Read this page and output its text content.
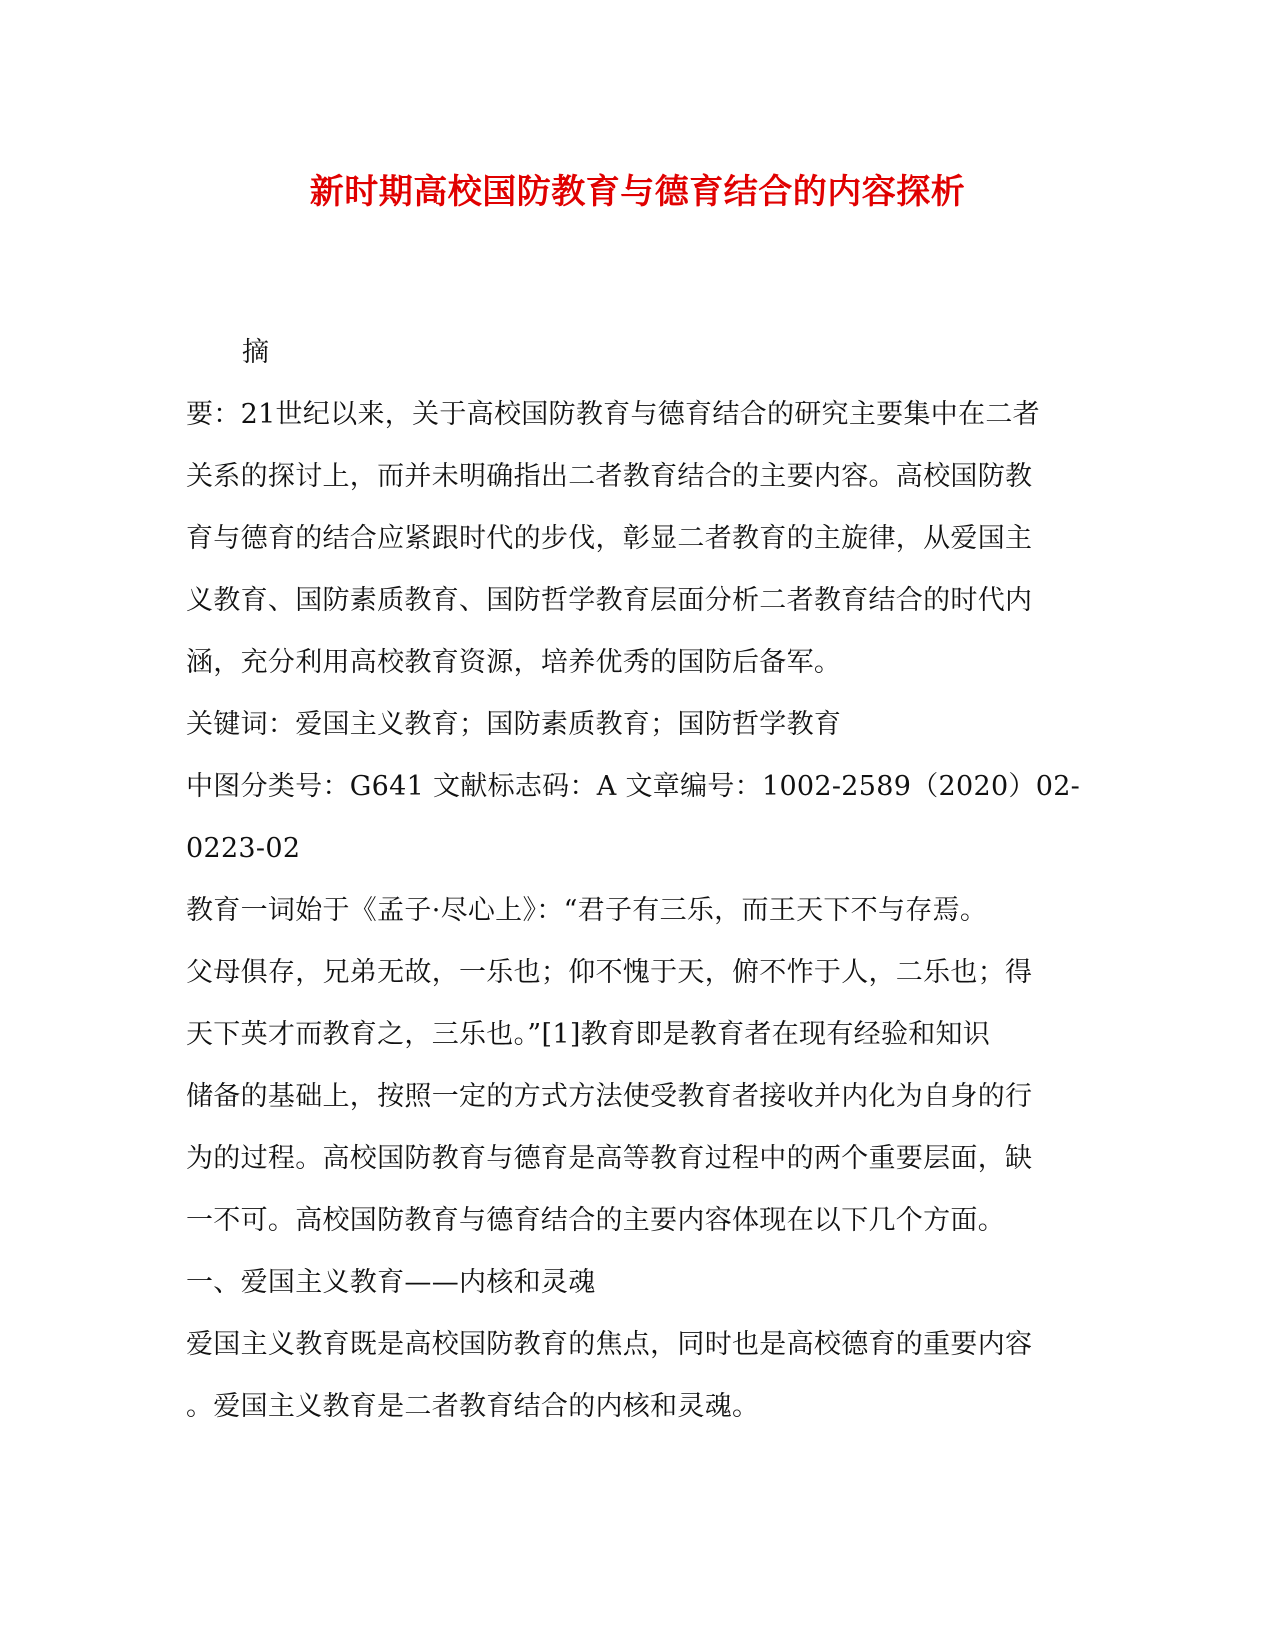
新时期高校国防教育与德育结合的内容探析
摘
要：21世纪以来，关于高校国防教育与德育结合的研究主要集中在二者
关系的探讨上，而并未明确指出二者教育结合的主要内容。高校国防教
育与德育的结合应紧跟时代的步伐，彰显二者教育的主旋律，从爱国主
义教育、国防素质教育、国防哲学教育层面分析二者教育结合的时代内
涵，充分利用高校教育资源，培养优秀的国防后备军。
关键词：爱国主义教育；国防素质教育；国防哲学教育
中图分类号：G641 文献标志码：A 文章编号：1002-2589（2020）02-
0223-02
教育一词始于《孟子·尽心上》：“君子有三乐，而王天下不与存焉。
父母俱存，兄弟无故，一乐也；仰不愧于天，俯不怍于人，二乐也；得
天下英才而教育之，三乐也。”[1]教育即是教育者在现有经验和知识
储备的基础上，按照一定的方式方法使受教育者接收并内化为自身的行
为的过程。高校国防教育与德育是高等教育过程中的两个重要层面，缺
一不可。高校国防教育与德育结合的主要内容体现在以下几个方面。
一、爱国主义教育——内核和灵魂
爱国主义教育既是高校国防教育的焦点，同时也是高校德育的重要内容
。爱国主义教育是二者教育结合的内核和灵魂。
